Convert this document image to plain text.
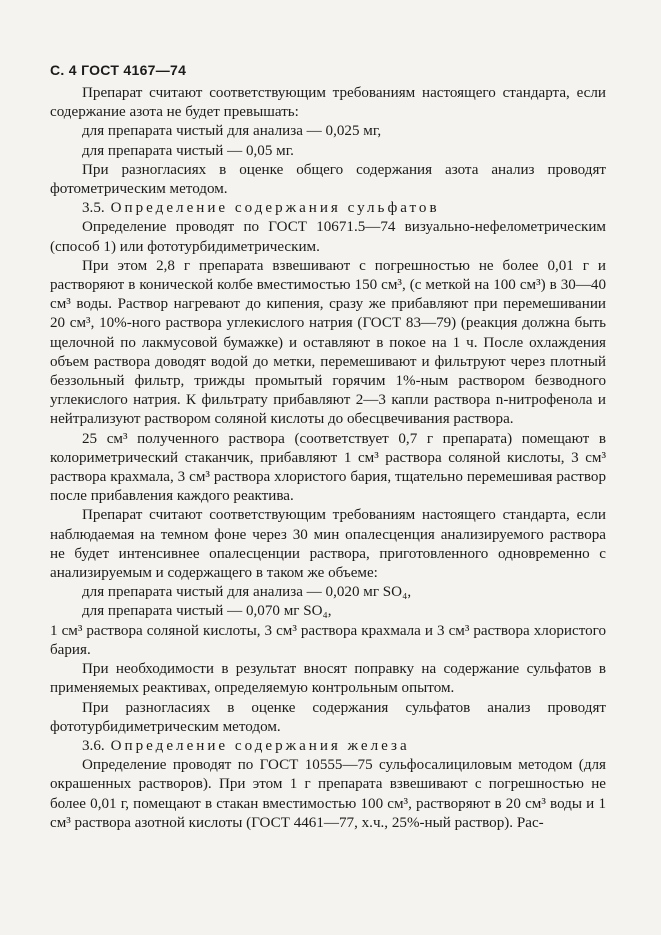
С. 4 ГОСТ 4167—74

Препарат считают соответствующим требованиям настоящего стандарта, если содержание азота не будет превышать:

для препарата чистый для анализа — 0,025 мг,

для препарата чистый — 0,05 мг.

При разногласиях в оценке общего содержания азота анализ проводят фотометрическим методом.

3.5. Определение содержания сульфатов

Определение проводят по ГОСТ 10671.5—74 визуально-нефелометрическим (способ 1) или фототурбидиметрическим.

При этом 2,8 г препарата взвешивают с погрешностью не более 0,01 г и растворяют в конической колбе вместимостью 150 см³, (с меткой на 100 см³) в 30—40 см³ воды. Раствор нагревают до кипения, сразу же прибавляют при перемешивании 20 см³, 10%-ного раствора углекислого натрия (ГОСТ 83—79) (реакция должна быть щелочной по лакмусовой бумажке) и оставляют в покое на 1 ч. После охлаждения объем раствора доводят водой до метки, перемешивают и фильтруют через плотный беззольный фильтр, трижды промытый горячим 1%-ным раствором безводного углекислого натрия. К фильтрату прибавляют 2—3 капли раствора n-нитрофенола и нейтрализуют раствором соляной кислоты до обесцвечивания раствора.

25 см³ полученного раствора (соответствует 0,7 г препарата) помещают в колориметрический стаканчик, прибавляют 1 см³ раствора соляной кислоты, 3 см³ раствора крахмала, 3 см³ раствора хлористого бария, тщательно перемешивая раствор после прибавления каждого реактива.

Препарат считают соответствующим требованиям настоящего стандарта, если наблюдаемая на темном фоне через 30 мин опалесценция анализируемого раствора не будет интенсивнее опалесценции раствора, приготовленного одновременно с анализируемым и содержащего в таком же объеме:

для препарата чистый для анализа — 0,020 мг SO₄,

для препарата чистый — 0,070 мг SO₄,

1 см³ раствора соляной кислоты, 3 см³ раствора крахмала и 3 см³ раствора хлористого бария.

При необходимости в результат вносят поправку на содержание сульфатов в применяемых реактивах, определяемую контрольным опытом.

При разногласиях в оценке содержания сульфатов анализ проводят фототурбидиметрическим методом.

3.6. Определение содержания железа

Определение проводят по ГОСТ 10555—75 сульфосалициловым методом (для окрашенных растворов). При этом 1 г препарата взвешивают с погрешностью не более 0,01 г, помещают в стакан вместимостью 100 см³, растворяют в 20 см³ воды и 1 см³ раствора азотной кислоты (ГОСТ 4461—77, х.ч., 25%-ный раствор). Рас-
